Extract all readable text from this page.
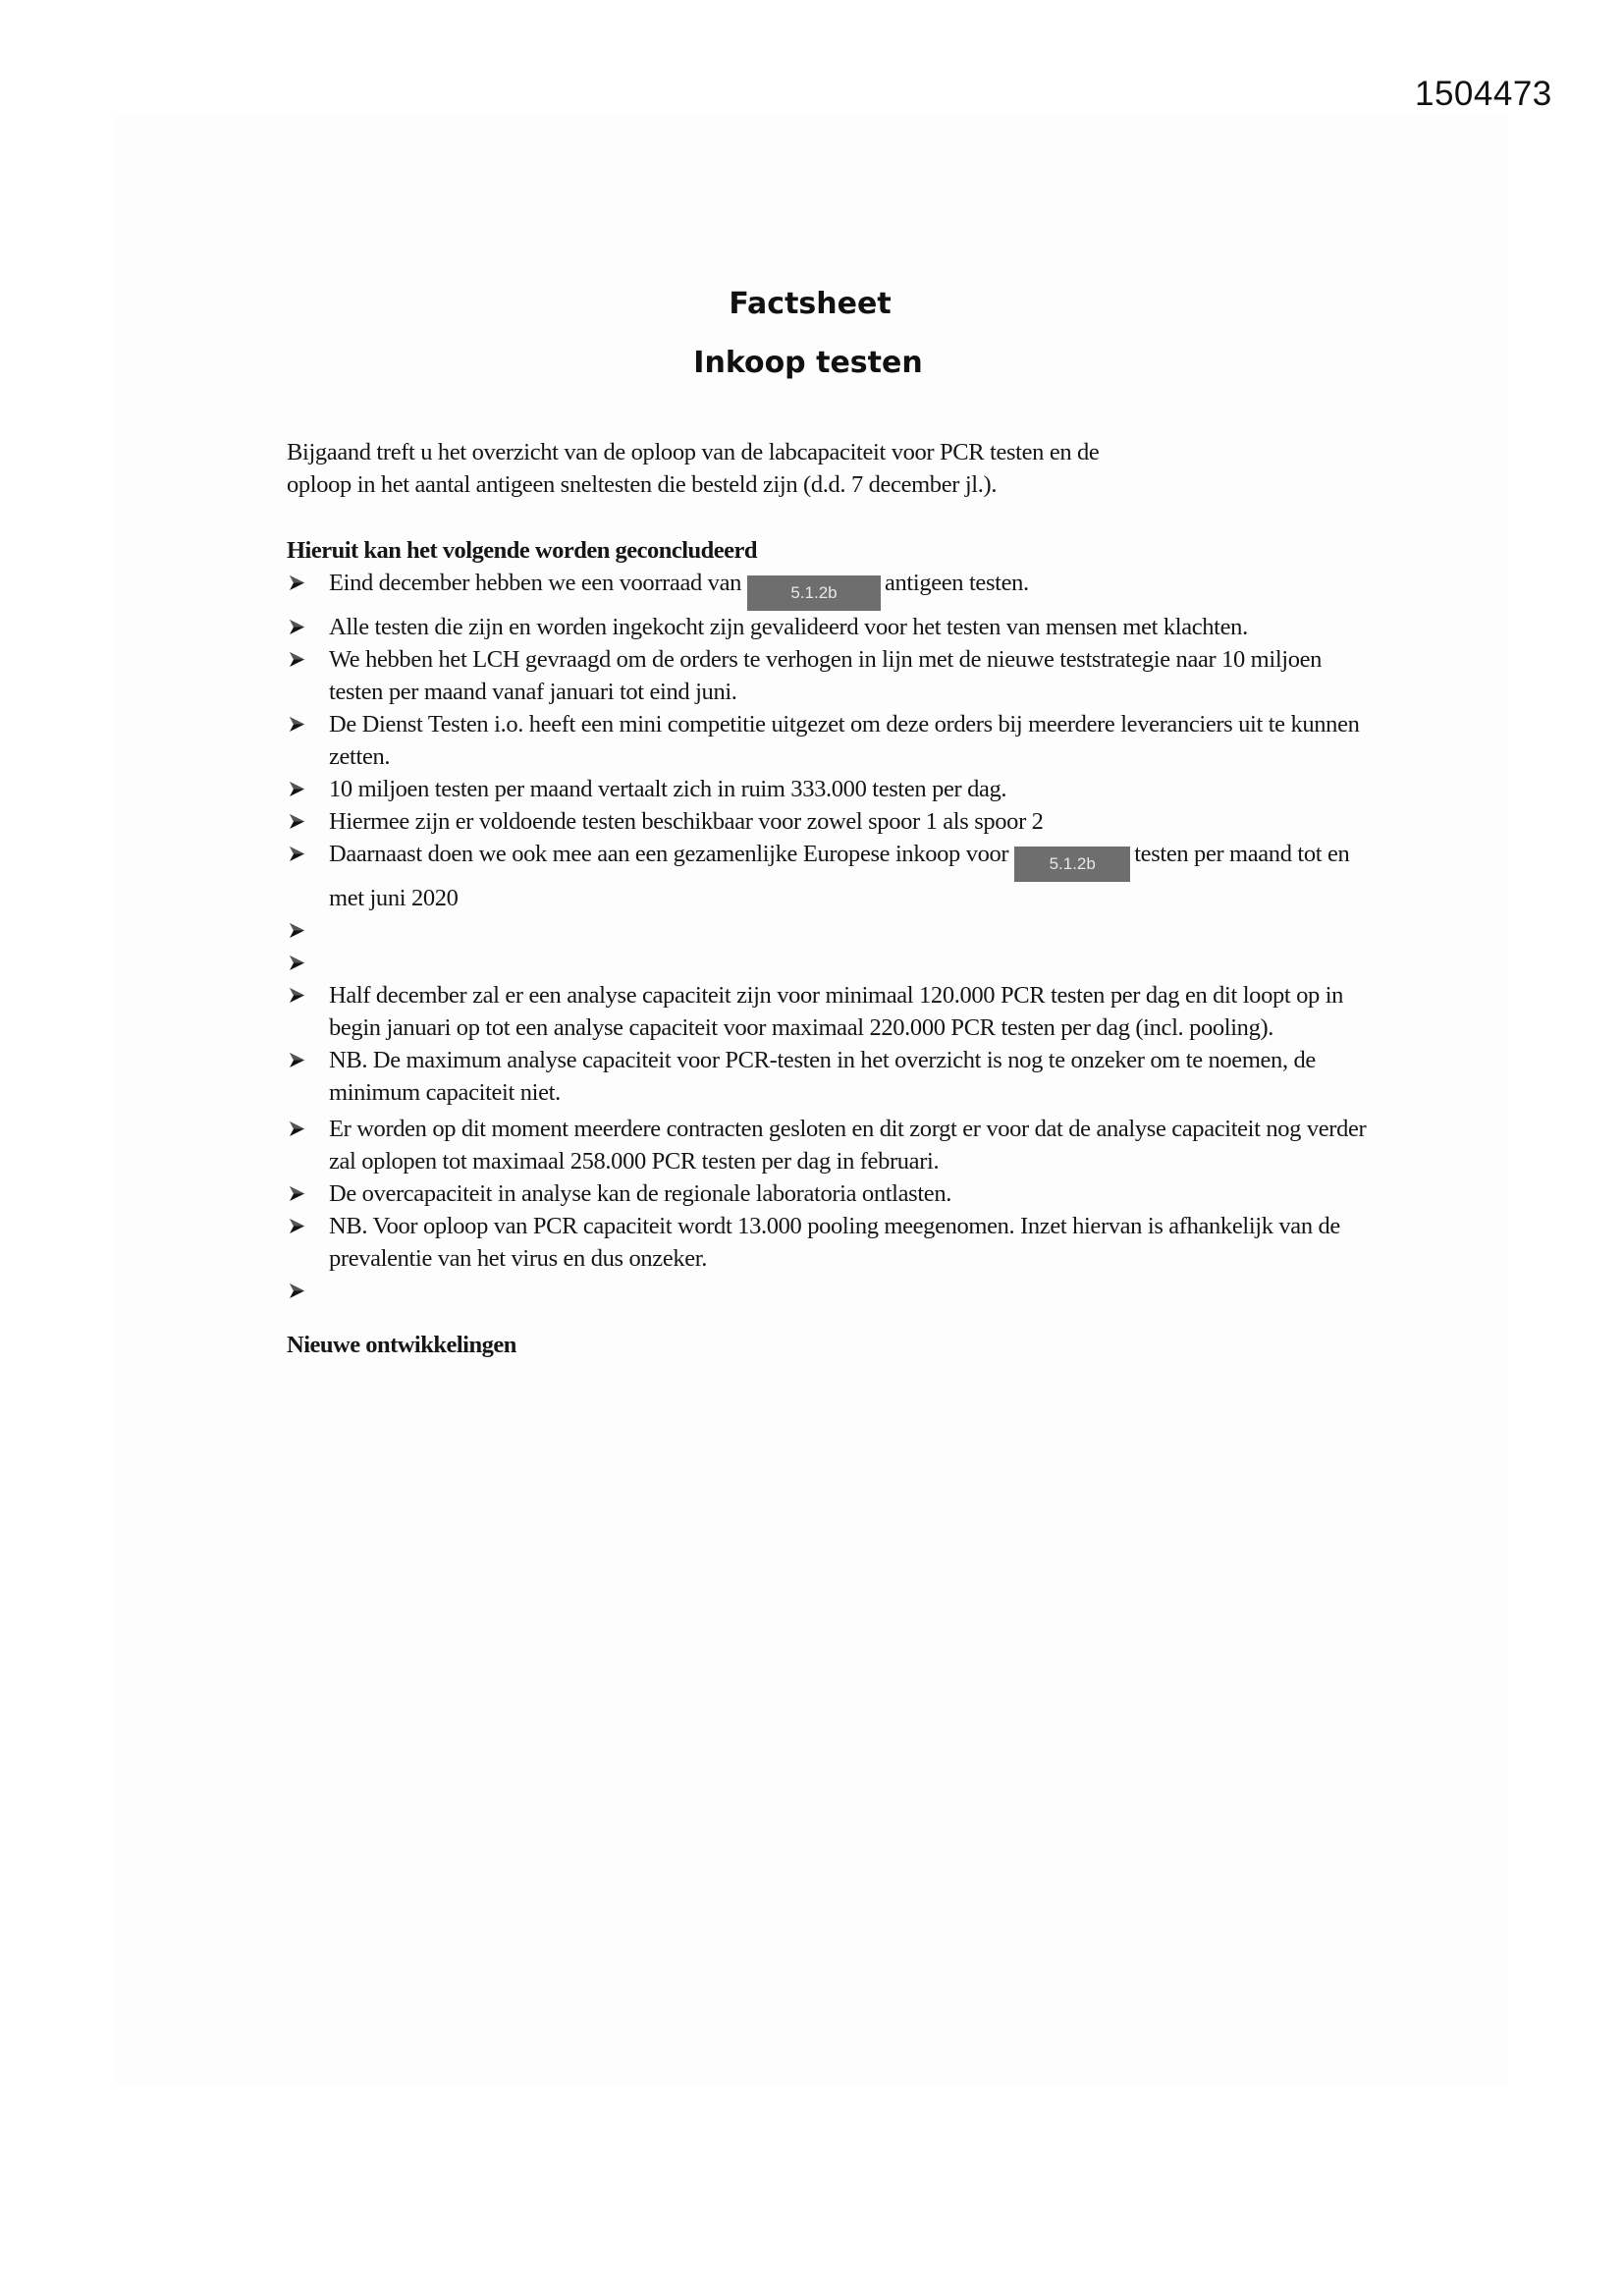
1504473
Factsheet
Inkoop testen

Bijgaand treft u het overzicht van de oploop van de labcapaciteit voor PCR testen en de
oploop in het aantal antigeen sneltesten die besteld zijn (d.d. 7 december jl.).

Hieruit kan het volgende worden geconcludeerd

Eind december hebben we een voorraad van	5.1.2b antigeen testen.
Alle testen die zijn en worden ingekocht zijn gevalideerd voor het testen van mensen met klachten.
We hebben het LCH gevraagd om de orders te verhogen in lijn met de nieuwe teststrategie naar 10 miljoen testen per maand vanaf januari tot eind juni.
De Dienst Testen i.o. heeft een mini competitie uitgezet om deze orders bij meerdere leveranciers uit te kunnen zetten.
10 miljoen testen per maand vertaalt zich in ruim 333.000 testen per dag.
Hiermee zijn er voldoende testen beschikbaar voor zowel spoor 1 als spoor 2
Daarnaast doen we ook mee aan een gezamenlijke Europese inkoop voor 5.1.2b testen per maand tot en met juni 2020
Half december zal er een analyse capaciteit zijn voor minimaal 120.000 PCR testen per dag en dit loopt op in begin januari op tot een analyse capaciteit voor maximaal 220.000 PCR testen per dag (incl. pooling).
NB. De maximum analyse capaciteit voor PCR-testen in het overzicht is nog te onzeker om te noemen, de minimum capaciteit niet.
Er worden op dit moment meerdere contracten gesloten en dit zorgt er voor dat de analyse capaciteit nog verder zal oplopen tot maximaal 258.000 PCR testen per dag in februari.
De overcapaciteit in analyse kan de regionale laboratoria ontlasten.
NB. Voor oploop van PCR capaciteit wordt 13.000 pooling meegenomen. Inzet hiervan is afhankelijk van de prevalentie van het virus en dus onzeker.

Nieuwe ontwikkelingen
